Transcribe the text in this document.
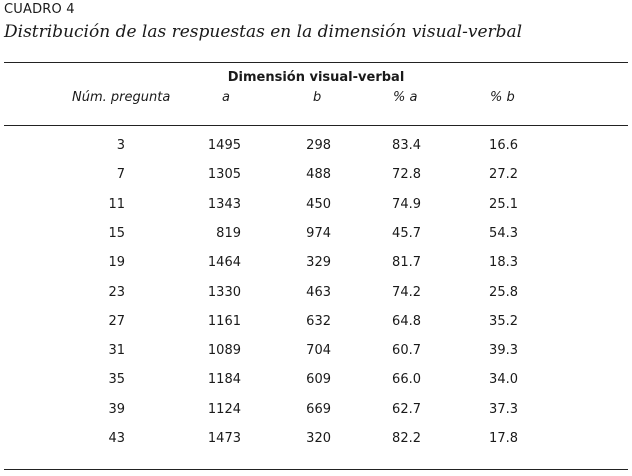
CUADRO 4
Distribución de las respuestas en la dimensión visual-verbal
Dimensión visual-verbal
Núm. pregunta	a	b	% a	% b
3	1495	298	83.4	16.6
7	1305	488	72.8	27.2
11	1343	450	74.9	25.1
15	819	974	45.7	54.3
19	1464	329	81.7	18.3
23	1330	463	74.2	25.8
27	1161	632	64.8	35.2
31	1089	704	60.7	39.3
35	1184	609	66.0	34.0
39	1124	669	62.7	37.3
43	1473	320	82.2	17.8
